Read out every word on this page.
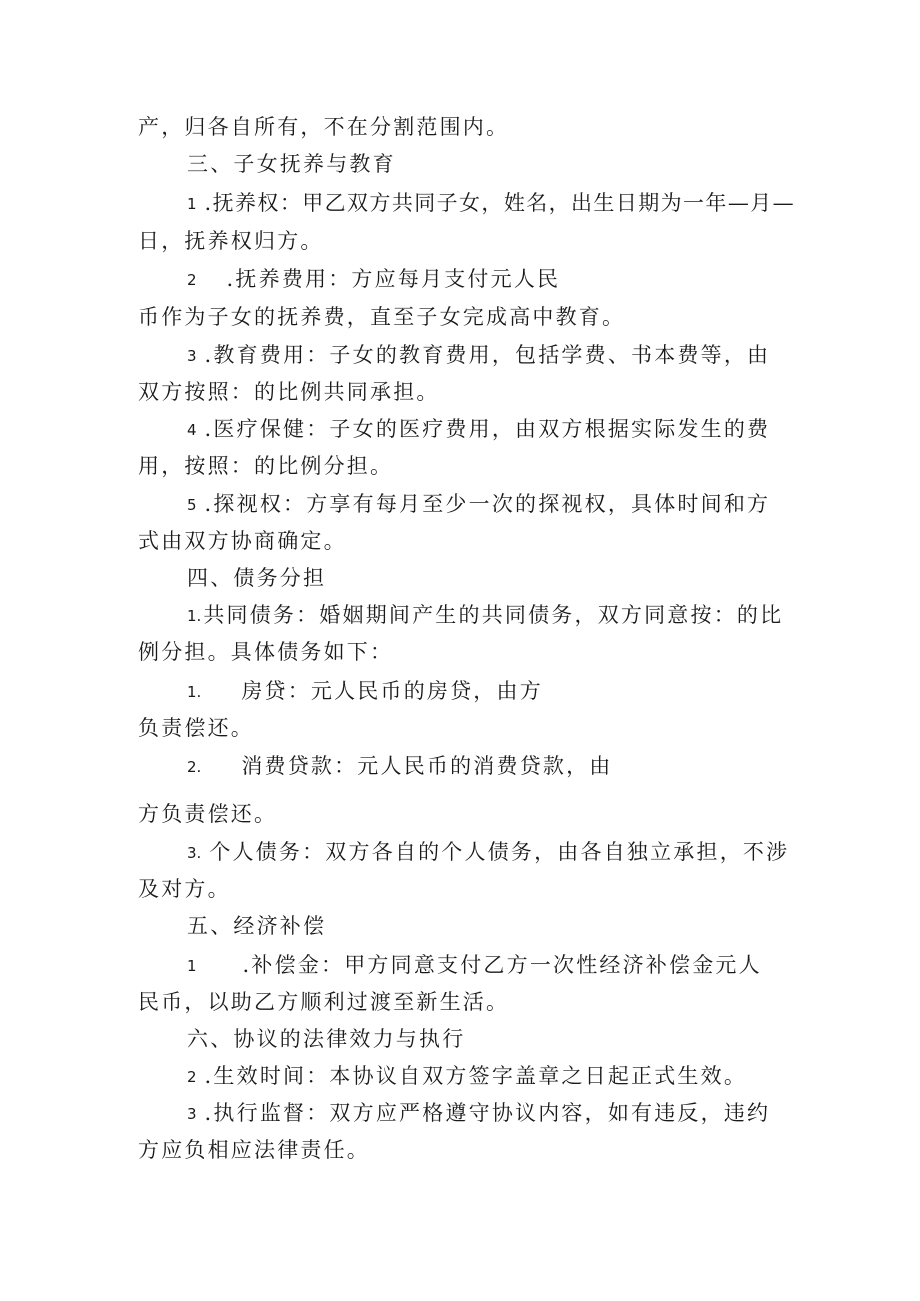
产，归各自所有，不在分割范围内。
三、子女抚养与教育
1 .抚养权：甲乙双方共同子女，姓名，出生日期为一年—月—
日，抚养权归方。
2 .抚养费用：方应每月支付元人民
币作为子女的抚养费，直至子女完成高中教育。
3 .教育费用：子女的教育费用，包括学费、书本费等，由
双方按照：的比例共同承担。
4 .医疗保健：子女的医疗费用，由双方根据实际发生的费
用，按照：的比例分担。
5 .探视权：方享有每月至少一次的探视权，具体时间和方
式由双方协商确定。
四、债务分担
1.共同债务：婚姻期间产生的共同债务，双方同意按：的比
例分担。具体债务如下：
1. 房贷：元人民币的房贷，由方
负责偿还。
2. 消费贷款：元人民币的消费贷款，由
方负责偿还。
3. 个人债务：双方各自的个人债务，由各自独立承担，不涉
及对方。
五、经济补偿
1 .补偿金：甲方同意支付乙方一次性经济补偿金元人
民币，以助乙方顺利过渡至新生活。
六、协议的法律效力与执行
2 .生效时间：本协议自双方签字盖章之日起正式生效。
3 .执行监督：双方应严格遵守协议内容，如有违反，违约
方应负相应法律责任。
